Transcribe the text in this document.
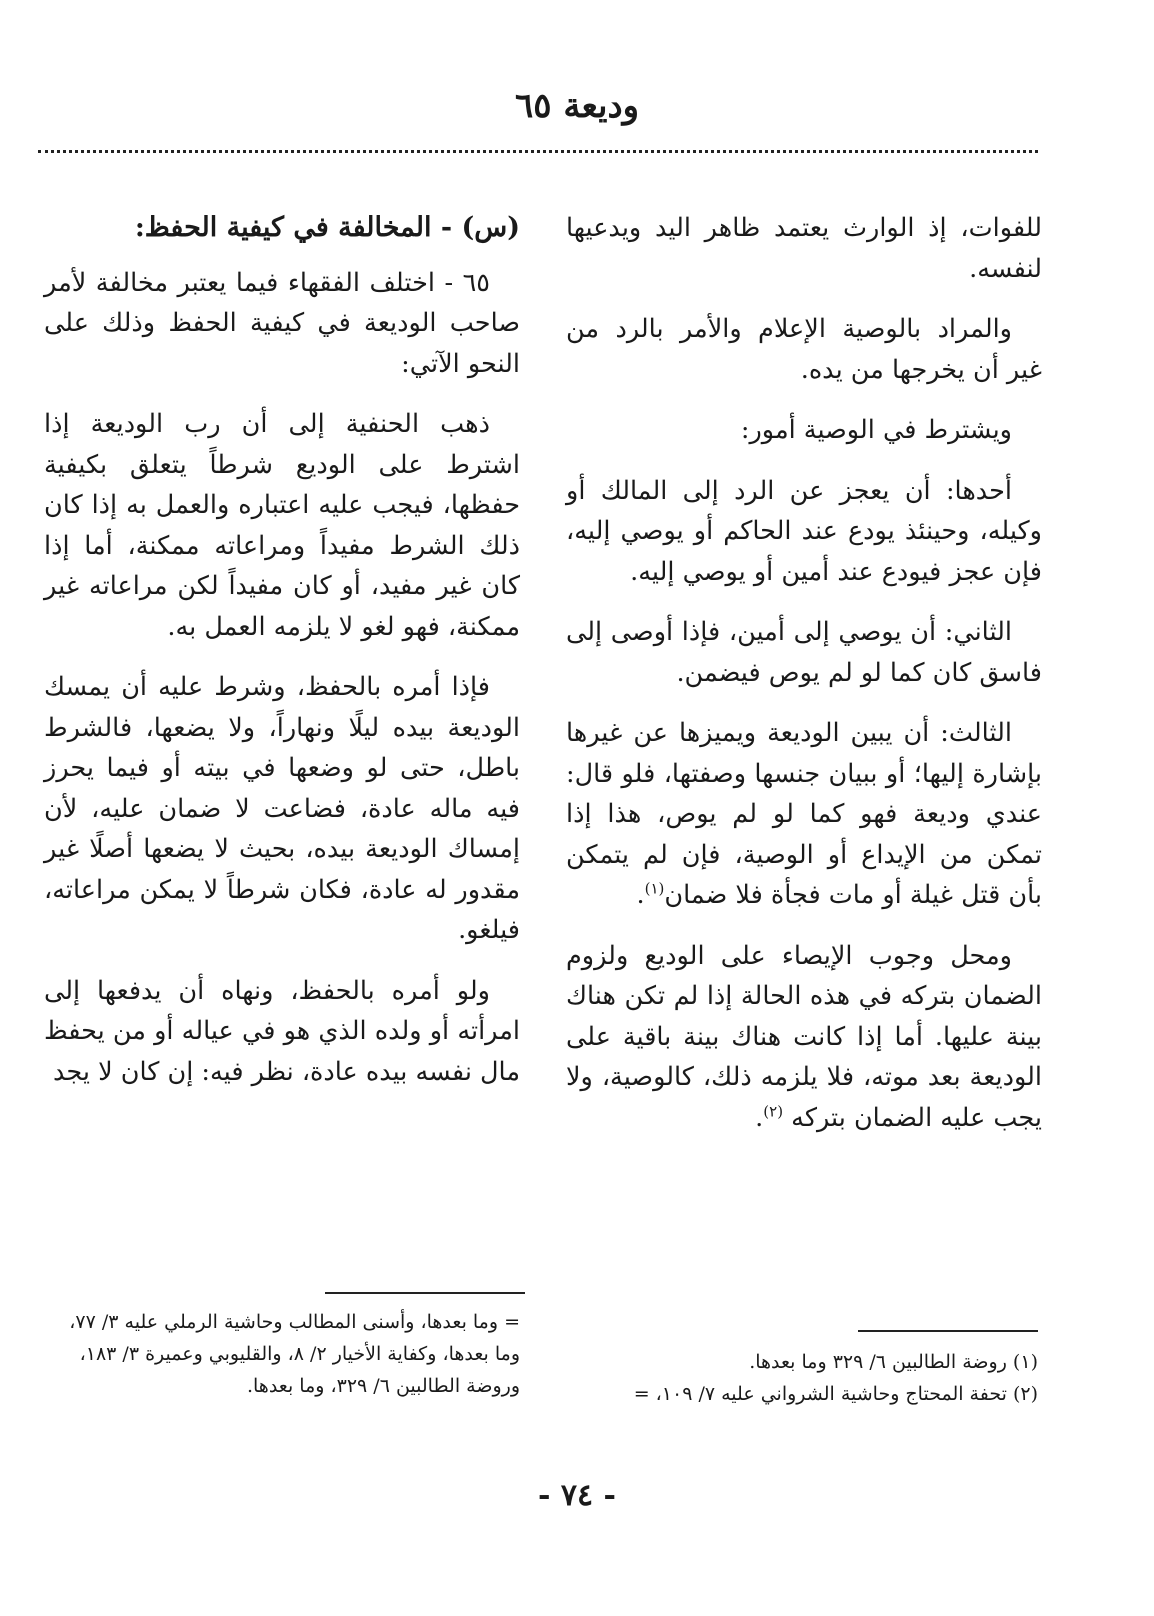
وديعة ٦٥

للفوات، إذ الوارث يعتمد ظاهر اليد ويدعيها لنفسه.

والمراد بالوصية الإعلام والأمر بالرد من غير أن يخرجها من يده.

ويشترط في الوصية أمور:

أحدها: أن يعجز عن الرد إلى المالك أو وكيله، وحينئذ يودع عند الحاكم أو يوصي إليه، فإن عجز فيودع عند أمين أو يوصي إليه.

الثاني: أن يوصي إلى أمين، فإذا أوصى إلى فاسق كان كما لو لم يوص فيضمن.

الثالث: أن يبين الوديعة ويميزها عن غيرها بإشارة إليها؛ أو ببيان جنسها وصفتها، فلو قال: عندي وديعة فهو كما لو لم يوص، هذا إذا تمكن من الإيداع أو الوصية، فإن لم يتمكن بأن قتل غيلة أو مات فجأة فلا ضمان$^{(١)}$.

ومحل وجوب الإيصاء على الوديع ولزوم الضمان بتركه في هذه الحالة إذا لم تكن هناك بينة عليها. أما إذا كانت هناك بينة باقية على الوديعة بعد موته، فلا يلزمه ذلك، كالوصية، ولا يجب عليه الضمان بتركه $^{(٢)}$.

(١) روضة الطالبين ٦/ ٣٢٩ وما بعدها.
(٢) تحفة المحتاج وحاشية الشرواني عليه ٧/ ١٠٩، =
(س) - المخالفة في كيفية الحفظ:

٦٥ - اختلف الفقهاء فيما يعتبر مخالفة لأمر صاحب الوديعة في كيفية الحفظ وذلك على النحو الآتي:

ذهب الحنفية إلى أن رب الوديعة إذا اشترط على الوديع شرطاً يتعلق بكيفية حفظها، فيجب عليه اعتباره والعمل به إذا كان ذلك الشرط مفيداً ومراعاته ممكنة، أما إذا كان غير مفيد، أو كان مفيداً لكن مراعاته غير ممكنة، فهو لغو لا يلزمه العمل به.

فإذا أمره بالحفظ، وشرط عليه أن يمسك الوديعة بيده ليلًا ونهاراً، ولا يضعها، فالشرط باطل، حتى لو وضعها في بيته أو فيما يحرز فيه ماله عادة، فضاعت لا ضمان عليه، لأن إمساك الوديعة بيده، بحيث لا يضعها أصلًا غير مقدور له عادة، فكان شرطاً لا يمكن مراعاته، فيلغو.

ولو أمره بالحفظ، ونهاه أن يدفعها إلى امرأته أو ولده الذي هو في عياله أو من يحفظ مال نفسه بيده عادة، نظر فيه: إن كان لا يجد

= وما بعدها، وأسنى المطالب وحاشية الرملي عليه ٣/ ٧٧، وما بعدها، وكفاية الأخيار ٢/ ٨، والقليوبي وعميرة ٣/ ١٨٣، وروضة الطالبين ٦/ ٣٢٩، وما بعدها.
- ٧٤ -
